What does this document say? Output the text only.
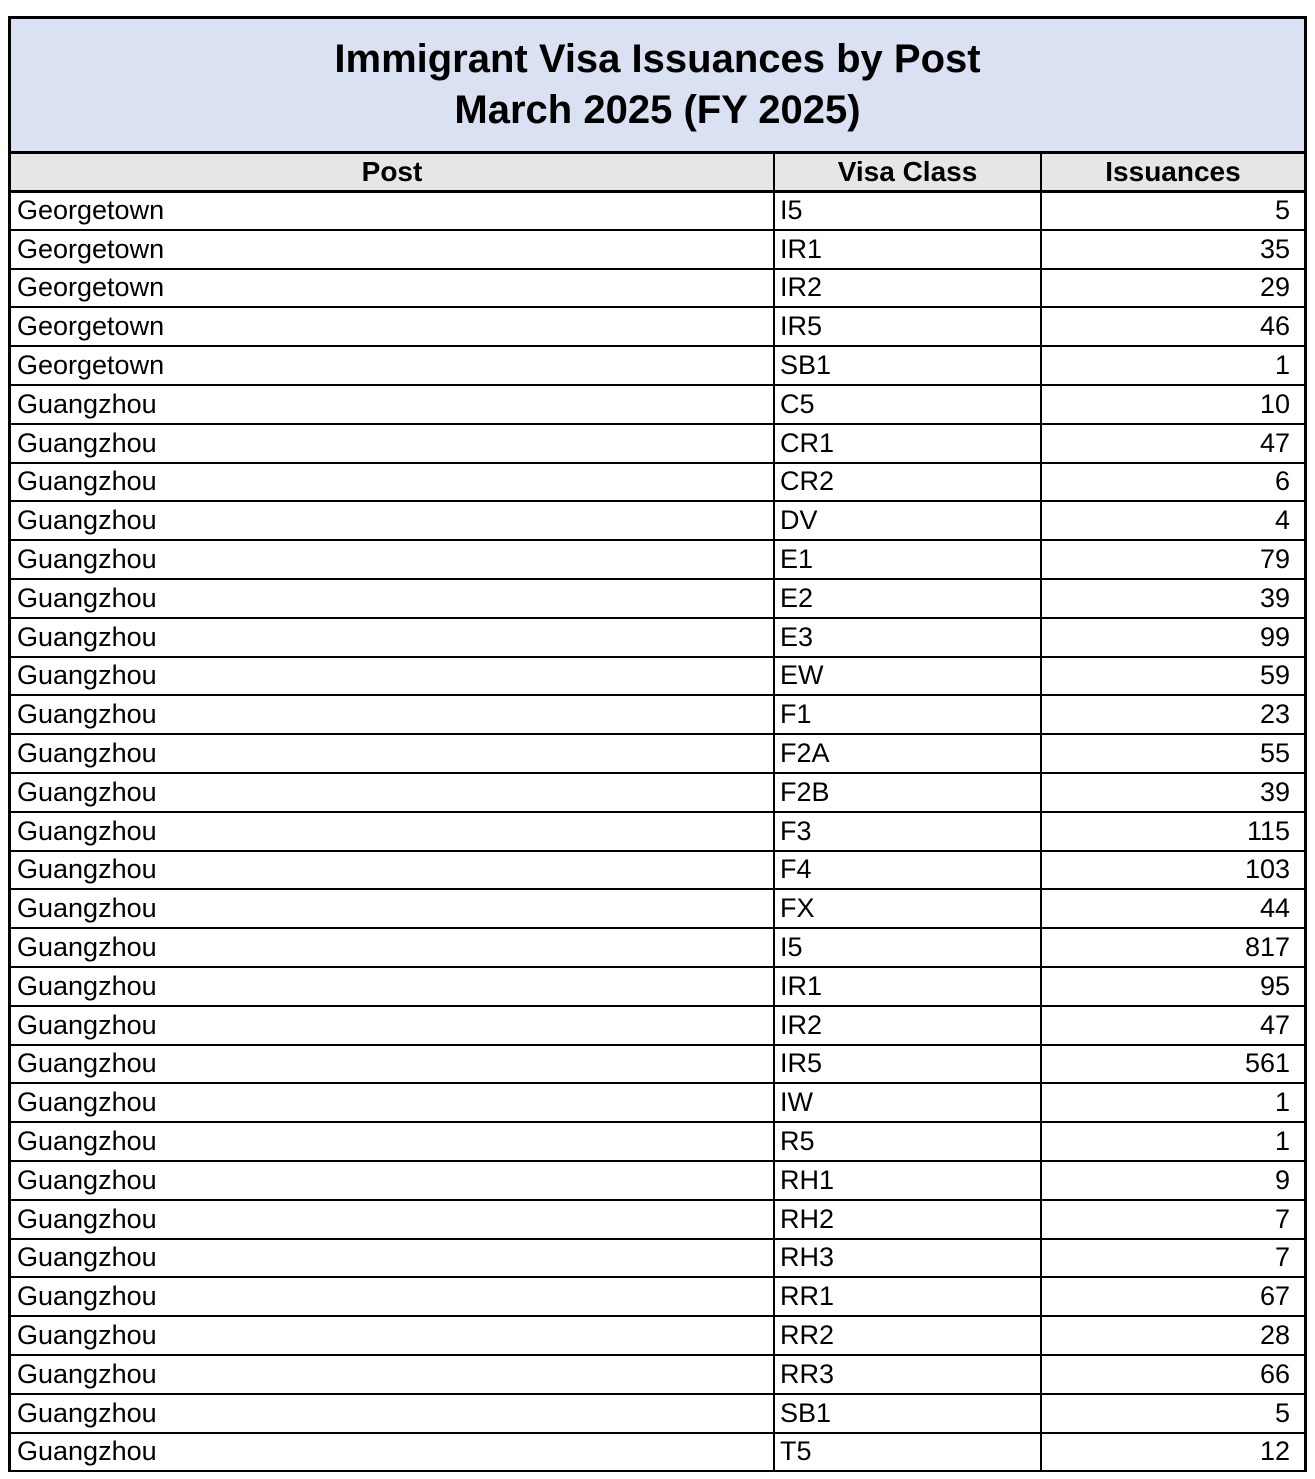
Immigrant Visa Issuances by Post
March 2025 (FY 2025)
Post	Visa Class	Issuances
Georgetown	I5	5
Georgetown	IR1	35
Georgetown	IR2	29
Georgetown	IR5	46
Georgetown	SB1	1
Guangzhou	C5	10
Guangzhou	CR1	47
Guangzhou	CR2	6
Guangzhou	DV	4
Guangzhou	E1	79
Guangzhou	E2	39
Guangzhou	E3	99
Guangzhou	EW	59
Guangzhou	F1	23
Guangzhou	F2A	55
Guangzhou	F2B	39
Guangzhou	F3	115
Guangzhou	F4	103
Guangzhou	FX	44
Guangzhou	I5	817
Guangzhou	IR1	95
Guangzhou	IR2	47
Guangzhou	IR5	561
Guangzhou	IW	1
Guangzhou	R5	1
Guangzhou	RH1	9
Guangzhou	RH2	7
Guangzhou	RH3	7
Guangzhou	RR1	67
Guangzhou	RR2	28
Guangzhou	RR3	66
Guangzhou	SB1	5
Guangzhou	T5	12
